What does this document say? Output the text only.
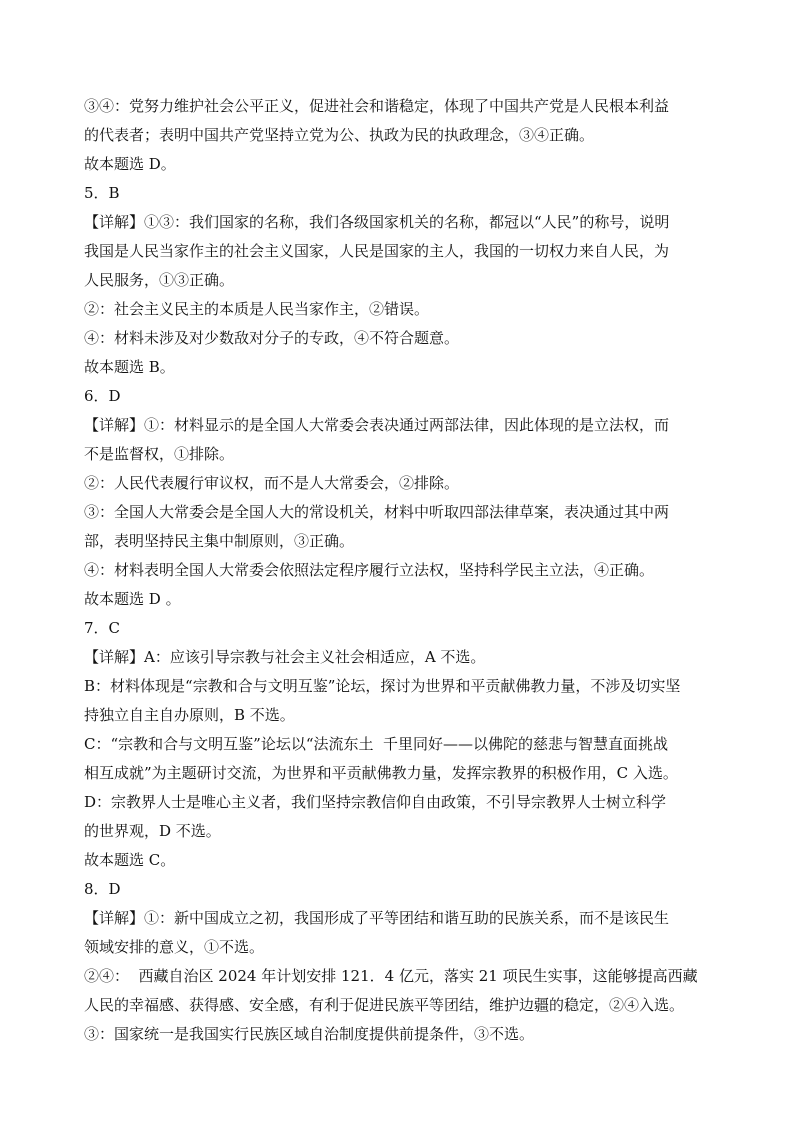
③④：党努力维护社会公平正义，促进社会和谐稳定，体现了中国共产党是人民根本利益
的代表者；表明中国共产党坚持立党为公、执政为民的执政理念，③④正确。
故本题选 D。
5．B
【详解】①③：我们国家的名称，我们各级国家机关的名称，都冠以“人民”的称号，说明
我国是人民当家作主的社会主义国家，人民是国家的主人，我国的一切权力来自人民，为
人民服务，①③正确。
②：社会主义民主的本质是人民当家作主，②错误。
④：材料未涉及对少数敌对分子的专政，④不符合题意。
故本题选 B。
6．D
【详解】①：材料显示的是全国人大常委会表决通过两部法律，因此体现的是立法权，而
不是监督权，①排除。
②：人民代表履行审议权，而不是人大常委会，②排除。
③：全国人大常委会是全国人大的常设机关，材料中听取四部法律草案，表决通过其中两
部，表明坚持民主集中制原则，③正确。
④：材料表明全国人大常委会依照法定程序履行立法权，坚持科学民主立法，④正确。
故本题选 D 。
7．C
【详解】A：应该引导宗教与社会主义社会相适应，A 不选。
B：材料体现是“宗教和合与文明互鉴”论坛，探讨为世界和平贡献佛教力量，不涉及切实坚
持独立自主自办原则，B 不选。
C：“宗教和合与文明互鉴”论坛以“法流东土  千里同好——以佛陀的慈悲与智慧直面挑战
相互成就”为主题研讨交流，为世界和平贡献佛教力量，发挥宗教界的积极作用，C 入选。
D：宗教界人士是唯心主义者，我们坚持宗教信仰自由政策，不引导宗教界人士树立科学
的世界观，D 不选。
故本题选 C。
8．D
【详解】①：新中国成立之初，我国形成了平等团结和谐互助的民族关系，而不是该民生
领域安排的意义，①不选。
②④：  西藏自治区 2024 年计划安排 121．4 亿元，落实 21 项民生实事，这能够提高西藏
人民的幸福感、获得感、安全感，有利于促进民族平等团结，维护边疆的稳定，②④入选。
③：国家统一是我国实行民族区域自治制度提供前提条件，③不选。
